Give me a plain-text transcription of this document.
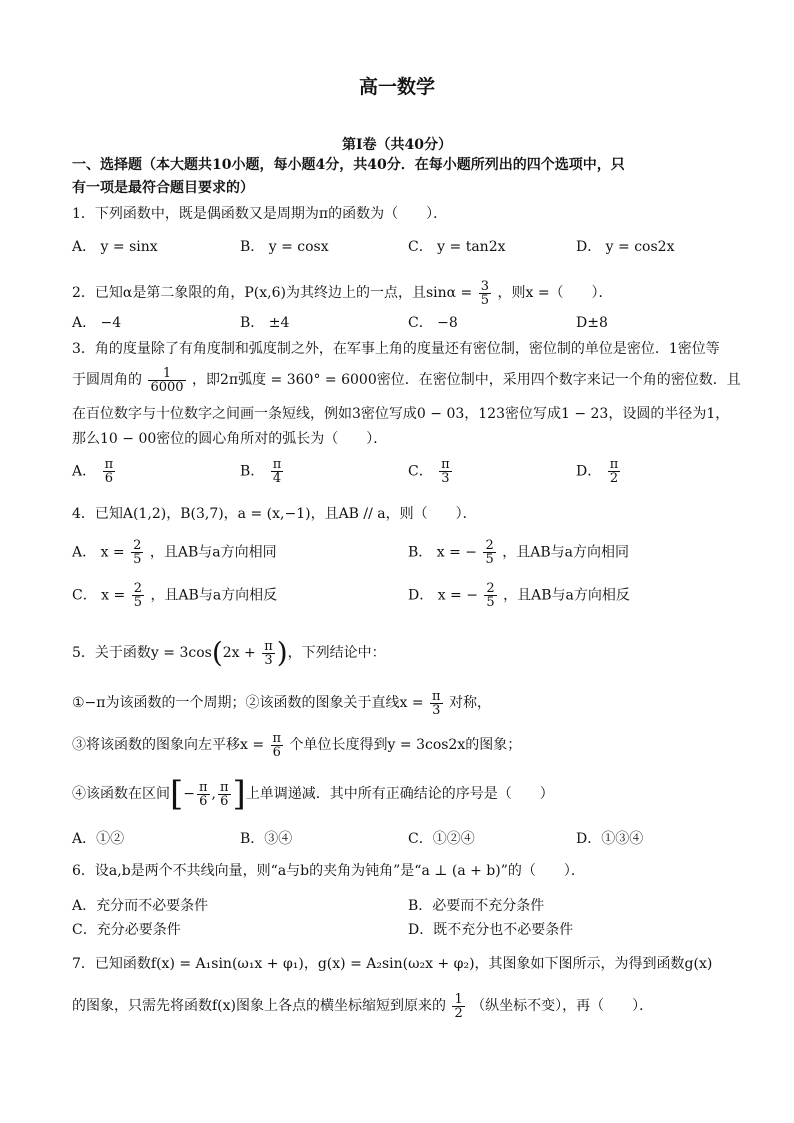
高一数学
第Ⅰ卷（共40分）
一、选择题（本大题共10小题，每小题4分，共40分．在每小题所列出的四个选项中，只
有一项是最符合题目要求的）
1．下列函数中，既是偶函数又是周期为π的函数为（　　）．
A． y = sinx	B． y = cosx	C． y = tan2x	D． y = cos2x
2．已知α是第二象限的角，P(x,6)为其终边上的一点，且$\sin\alpha = \frac{3}{5}$ ，则x =（　　）．
A． −4	B． ±4	C． −8	D±8
3．角的度量除了有角度制和弧度制之外，在军事上角的度量还有密位制，密位制的单位是密位．1密位等
于圆周角的 $\frac{1}{6000}$ ，即2π弧度 = 360° = 6000密位．在密位制中，采用四个数字来记一个角的密位数．且
在百位数字与十位数字之间画一条短线，例如3密位写成0 − 03，123密位写成1 − 23，设圆的半径为1，
那么10 − 00密位的圆心角所对的弧长为（　　）．
A． $\frac{\pi}{6}$	B． $\frac{\pi}{4}$	C． $\frac{\pi}{3}$	D． $\frac{\pi}{2}$
4．已知A(1,2)，B(3,7)，a = (x,−1)，且AB // a，则（　　）．
A． $x = \frac{2}{5}$ ，且AB与a方向相同	B． x = − $\frac{2}{5}$ ，且AB与a方向相同
C． $x = \frac{2}{5}$ ，且AB与a方向相反	D． x = − $\frac{2}{5}$ ，且AB与a方向相反
5．关于函数$y = 3\cos(2x + \frac{\pi}{3}$ )，下列结论中：
①−π为该函数的一个周期；②该函数的图象关于直线$x = \frac{\pi}{3}$ 对称，
③将该函数的图象向左平移$x = \frac{\pi}{6}$ 个单位长度得到y = 3cos2x的图象；
④该函数在区间[− $\frac{\pi}{6}$ , $\frac{\pi}{6}$ ]上单调递减．其中所有正确结论的序号是（　　）
A．①②	B．③④	C．①②④	D．①③④
6．设a,b是两个不共线向量，则“a与b的夹角为钝角”是“a ⊥ (a + b)”的（　　）．
A．充分而不必要条件	B．必要而不充分条件
C．充分必要条件	D．既不充分也不必要条件
7．已知函数f(x) = A₁sin(ω₁x + φ₁)，g(x) = A₂sin(ω₂x + φ₂)，其图象如下图所示，为得到函数g(x)
的图象，只需先将函数f(x)图象上各点的横坐标缩短到原来的 $\frac{1}{2}$ （纵坐标不变），再（　　）．
